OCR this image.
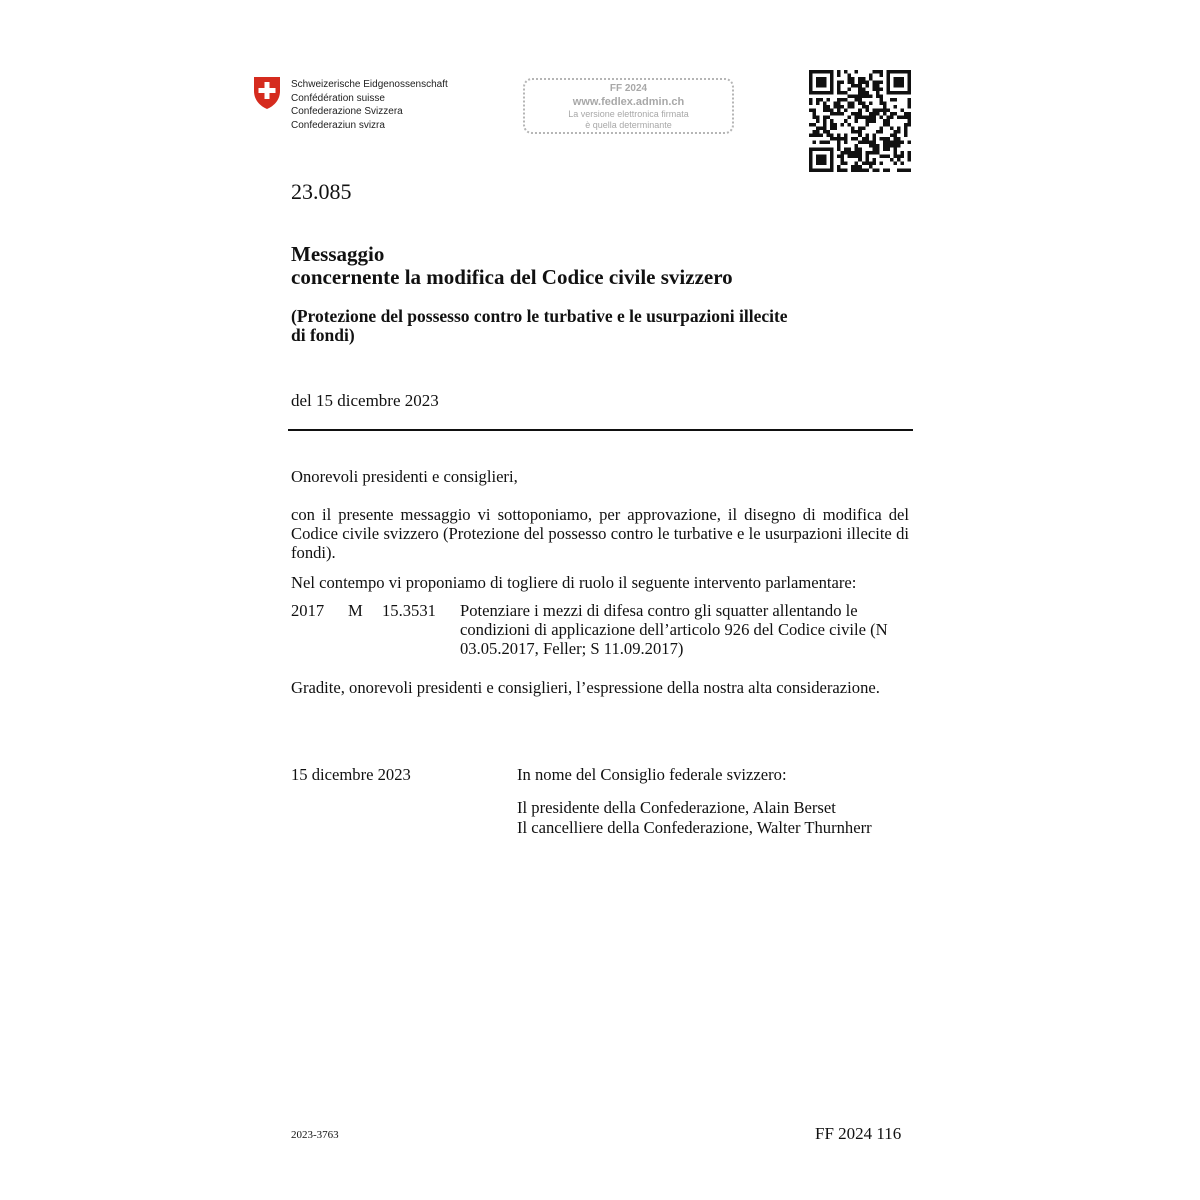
Schweizerische Eidgenossenschaft
Confédération suisse
Confederazione Svizzera
Confederaziun svizra
FF 2024
www.fedlex.admin.ch
La versione elettronica firmata
è quella determinante
23.085
Messaggio
concernente la modifica del Codice civile svizzero
(Protezione del possesso contro le turbative e le usurpazioni illecite
di fondi)
del 15 dicembre 2023
Onorevoli presidenti e consiglieri,
con il presente messaggio vi sottoponiamo, per approvazione, il disegno di modifica del Codice civile svizzero (Protezione del possesso contro le turbative e le usurpazioni illecite di fondi).
Nel contempo vi proponiamo di togliere di ruolo il seguente intervento parlamentare:
2017 M 15.3531 Potenziare i mezzi di difesa contro gli squatter allentando le condizioni di applicazione dell’articolo 926 del Codice civile (N 03.05.2017, Feller; S 11.09.2017)
Gradite, onorevoli presidenti e consiglieri, l’espressione della nostra alta considerazione.
15 dicembre 2023	In nome del Consiglio federale svizzero:
Il presidente della Confederazione, Alain Berset
Il cancelliere della Confederazione, Walter Thurnherr
2023-3763	FF 2024 116
